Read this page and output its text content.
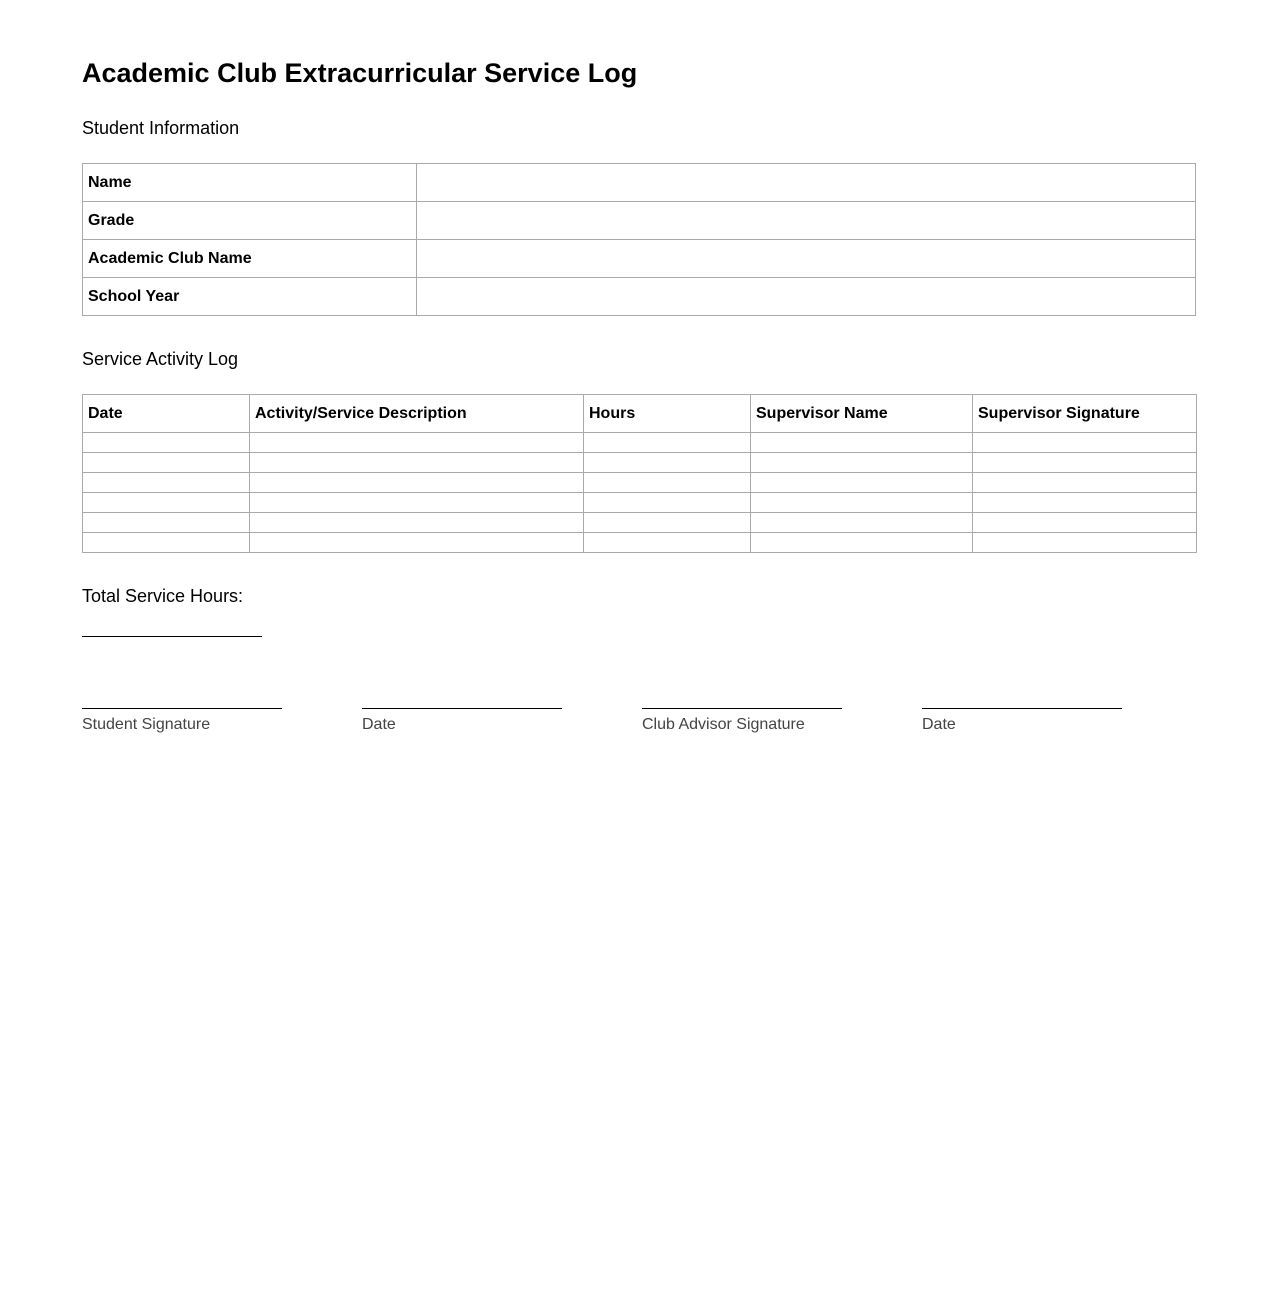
Academic Club Extracurricular Service Log
Student Information
Name	
Grade	
Academic Club Name	
School Year	
Service Activity Log
Date	Activity/Service Description	Hours	Supervisor Name	Supervisor Signature

Total Service Hours:

Student Signature	Date	Club Advisor Signature	Date
